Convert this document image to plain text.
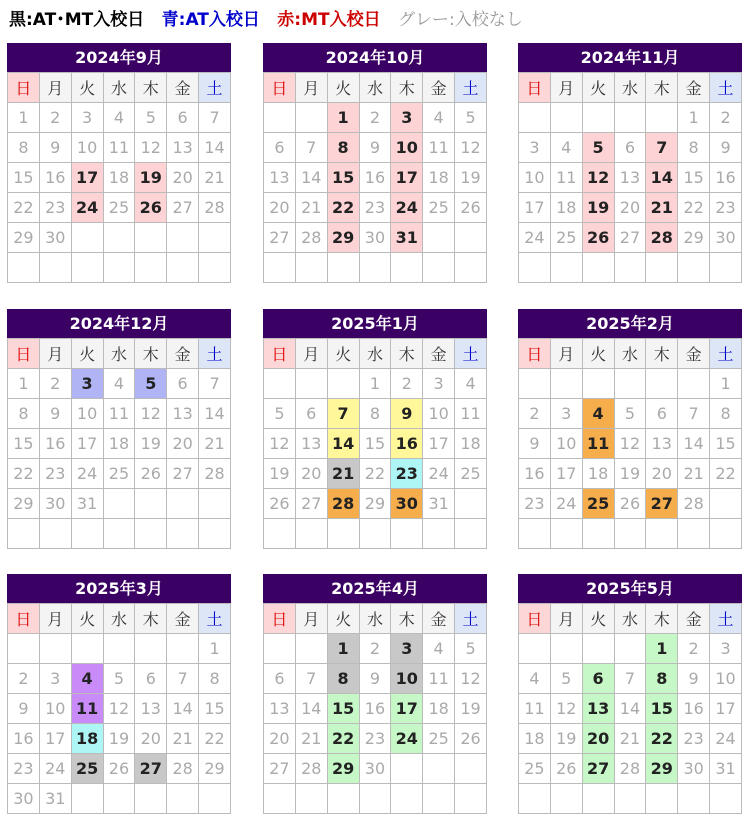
黒:AT･MT入校日 青:AT入校日 赤:MT入校日 グレー:入校なし
2024年9月
日	月	火	水	木	金	土
1	2	3	4	5	6	7
8	9	10	11	12	13	14
15	16	17	18	19	20	21
22	23	24	25	26	27	28
29	30					

2024年10月
日	月	火	水	木	金	土
		1	2	3	4	5
6	7	8	9	10	11	12
13	14	15	16	17	18	19
20	21	22	23	24	25	26
27	28	29	30	31		

2024年11月
日	月	火	水	木	金	土
					1	2
3	4	5	6	7	8	9
10	11	12	13	14	15	16
17	18	19	20	21	22	23
24	25	26	27	28	29	30

2024年12月
日	月	火	水	木	金	土
1	2	3	4	5	6	7
8	9	10	11	12	13	14
15	16	17	18	19	20	21
22	23	24	25	26	27	28
29	30	31				

2025年1月
日	月	火	水	木	金	土
			1	2	3	4
5	6	7	8	9	10	11
12	13	14	15	16	17	18
19	20	21	22	23	24	25
26	27	28	29	30	31	

2025年2月
日	月	火	水	木	金	土
						1
2	3	4	5	6	7	8
9	10	11	12	13	14	15
16	17	18	19	20	21	22
23	24	25	26	27	28	

2025年3月
日	月	火	水	木	金	土
						1
2	3	4	5	6	7	8
9	10	11	12	13	14	15
16	17	18	19	20	21	22
23	24	25	26	27	28	29
30	31					
2025年4月
日	月	火	水	木	金	土
		1	2	3	4	5
6	7	8	9	10	11	12
13	14	15	16	17	18	19
20	21	22	23	24	25	26
27	28	29	30			

2025年5月
日	月	火	水	木	金	土
				1	2	3
4	5	6	7	8	9	10
11	12	13	14	15	16	17
18	19	20	21	22	23	24
25	26	27	28	29	30	31
